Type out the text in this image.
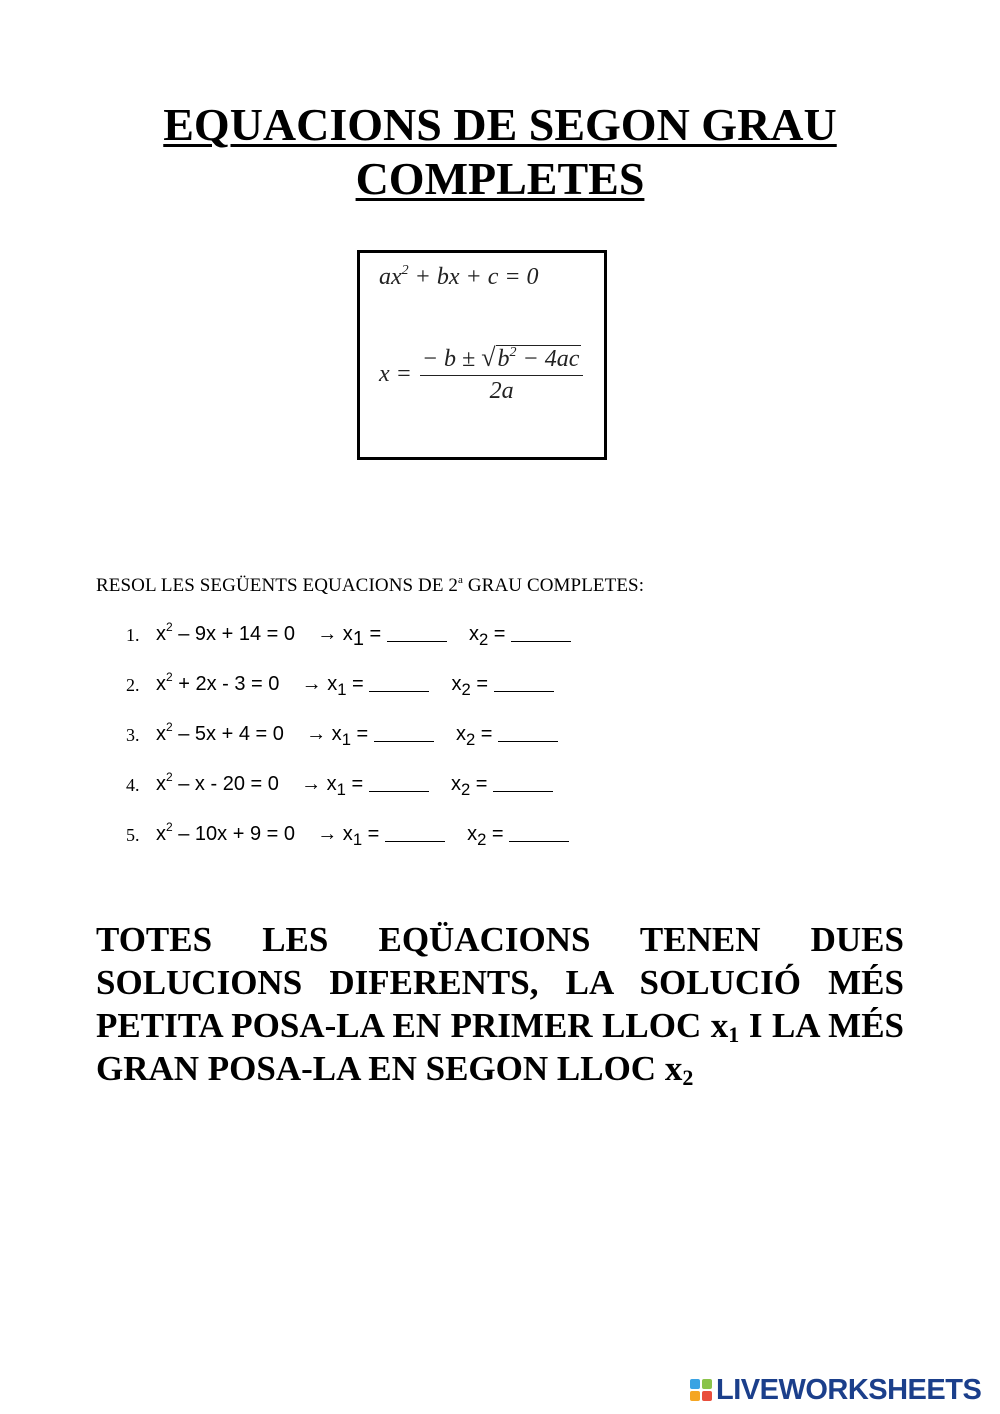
EQUACIONS DE SEGON GRAU
COMPLETES
$ax^2$ + bx + c = 0
$x = \frac{- b \pm √b^2 - 4ac}{2a}$
RESOL LES SEGÜENTS EQUACIONS DE 2$^a$ GRAU COMPLETES:

1.

$x^2 - 9x + 14 = 0$    → $x_1$ =	$x_2$ =

2.

$x^2 + 2x - 3 = 0$    → $x_1$ =	$x_2$ =

3.

$x^2 - 5x + 4 = 0$    → $x_1$ =	$x_2$ =

4.

$x^2 - x - 20 = 0$    → $x_1$ =	$x_2$ =

5.

$x^2 - 10x + 9 = 0$    → $x_1$ =	$x_2$ =

TOTES LES EQÜACIONS TENEN DUES SOLUCIONS DIFERENTS, LA SOLUCIÓ MÉS PETITA POSA-LA EN PRIMER LLOC $x_1$ I LA MÉS GRAN POSA-LA EN SEGON LLOC $x_2$
LIVEWORKSHEETS
